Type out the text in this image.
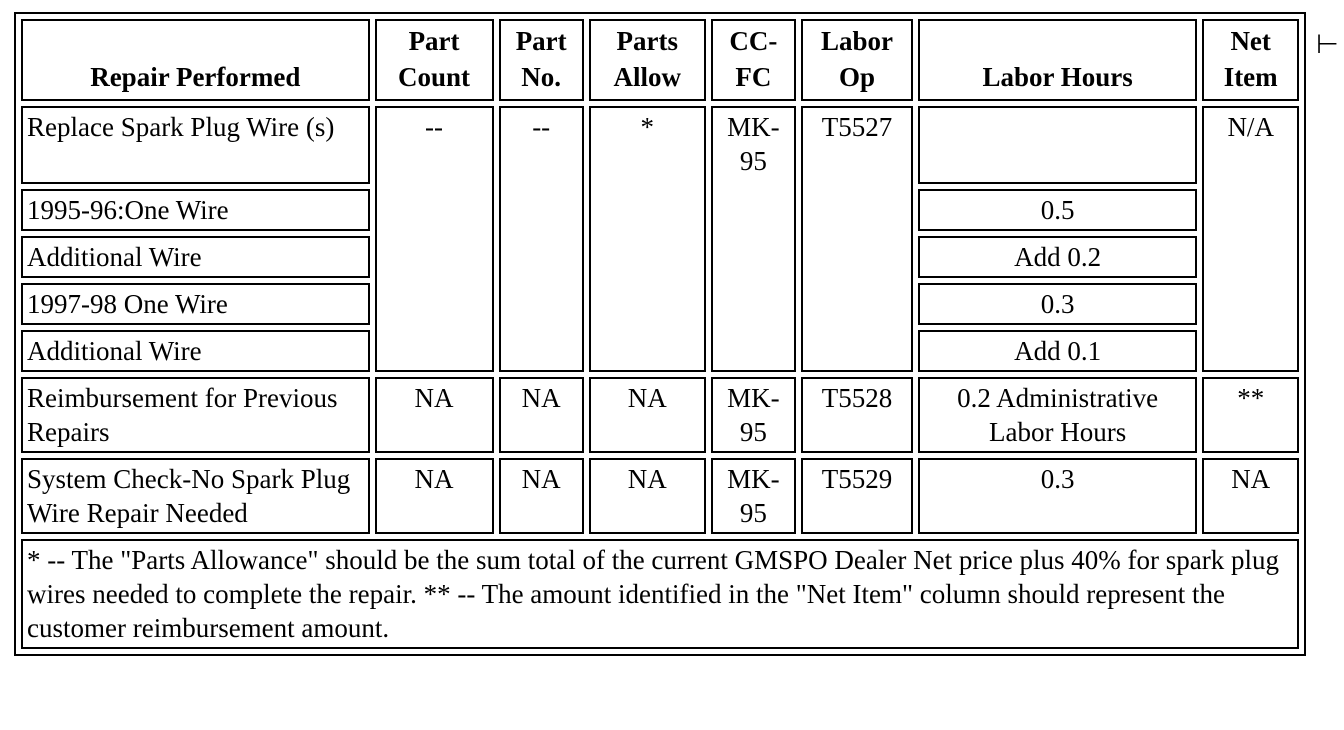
Repair Performed	Part Count	Part No.	Parts Allow	CC-FC	Labor Op	Labor Hours	Net Item
Replace Spark Plug Wire (s)	--	--	*	MK-95	T5527		N/A
1995-96:One Wire						0.5	
Additional Wire						Add 0.2	
1997-98 One Wire						0.3	
Additional Wire						Add 0.1	
Reimbursement for Previous Repairs	NA	NA	NA	MK-95	T5528	0.2 Administrative Labor Hours	**
System Check-No Spark Plug Wire Repair Needed	NA	NA	NA	MK-95	T5529	0.3	NA
* -- The "Parts Allowance" should be the sum total of the current GMSPO Dealer Net price plus 40% for spark plug wires needed to complete the repair. ** -- The amount identified in the "Net Item" column should represent the customer reimbursement amount.							
⊢
